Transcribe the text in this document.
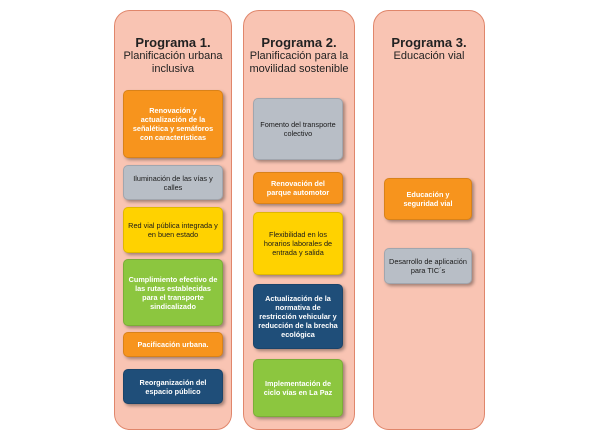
Programa 1.
Planificación urbana inclusiva
Renovación y actualización de la señalética y semáforos con características
Iluminación de las vías y calles
Red vial pública integrada y en buen estado
Cumplimiento efectivo de las rutas establecidas para el transporte sindicalizado
Pacificación urbana.
Reorganización del espacio público
Programa 2.
Planificación para la movilidad sostenible
Fomento del transporte colectivo
Renovación del parque automotor
Flexibilidad en los horarios laborales de entrada y salida
Actualización de la normativa de restricción vehicular y reducción de la brecha ecológica
Implementación de ciclo vías en La Paz
Programa 3.
Educación vial
Educación y seguridad vial
Desarrollo de aplicación para TIC´s
